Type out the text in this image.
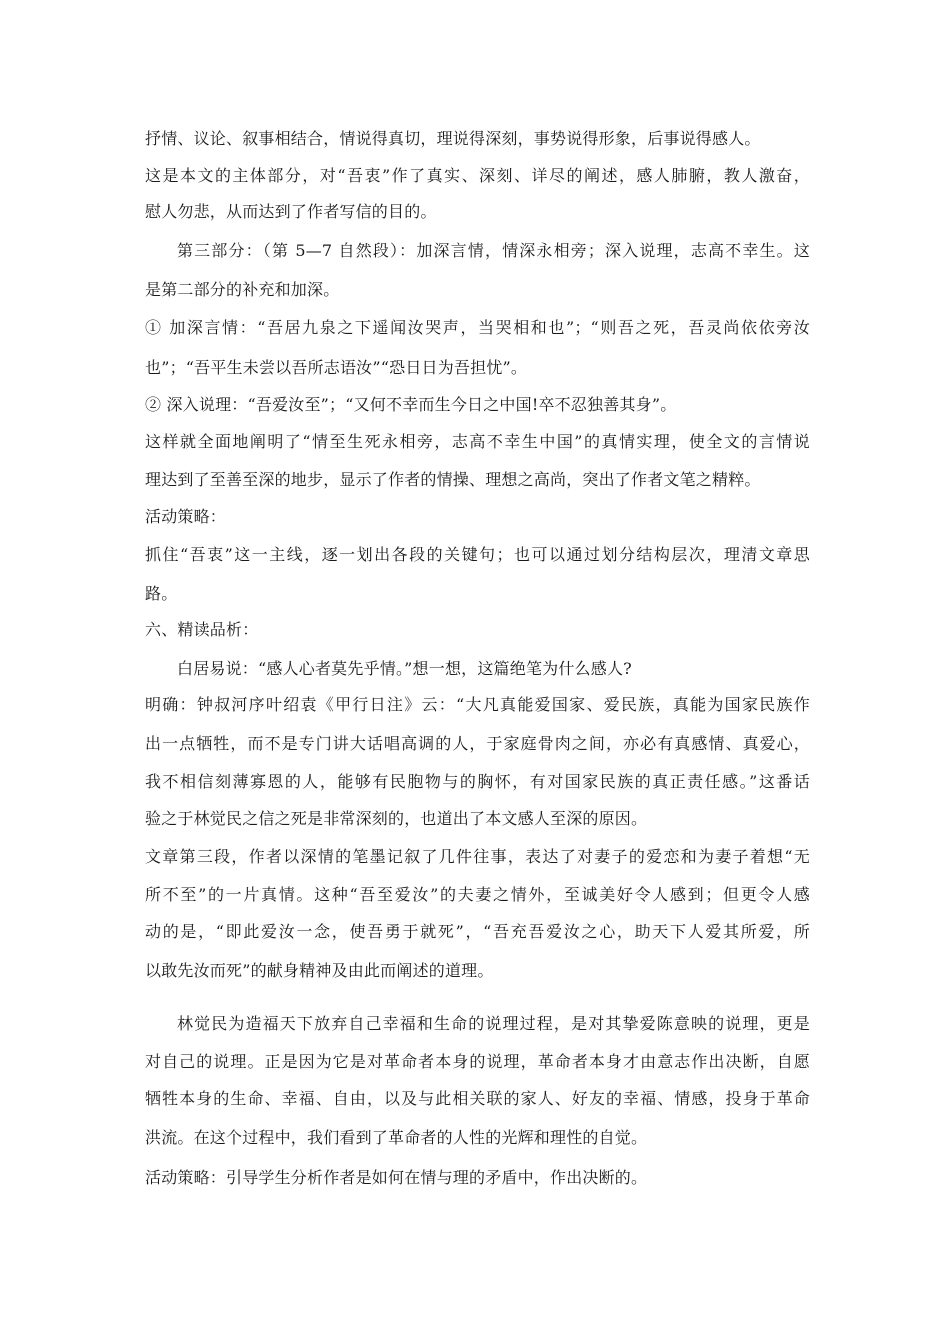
抒情、议论、叙事相结合，情说得真切，理说得深刻，事势说得形象，后事说得感人。
这是本文的主体部分，对“吾衷”作了真实、深刻、详尽的阐述，感人肺腑，教人激奋，
慰人勿悲，从而达到了作者写信的目的。
第三部分：（第 5—7 自然段）：加深言情，情深永相旁；深入说理，志高不幸生。这
是第二部分的补充和加深。
① 加深言情：“吾居九泉之下遥闻汝哭声，当哭相和也”；“则吾之死，吾灵尚依依旁汝
也”；“吾平生未尝以吾所志语汝”“恐日日为吾担忧”。
② 深入说理：“吾爱汝至”；“又何不幸而生今日之中国!卒不忍独善其身”。
这样就全面地阐明了“情至生死永相旁，志高不幸生中国”的真情实理，使全文的言情说
理达到了至善至深的地步，显示了作者的情操、理想之高尚，突出了作者文笔之精粹。
活动策略：
抓住“吾衷”这一主线，逐一划出各段的关键句；也可以通过划分结构层次，理清文章思
路。
六、精读品析：
白居易说：“感人心者莫先乎情。”想一想，这篇绝笔为什么感人?
明确：钟叔河序叶绍袁《甲行日注》云：“大凡真能爱国家、爱民族，真能为国家民族作
出一点牺牲，而不是专门讲大话唱高调的人，于家庭骨肉之间，亦必有真感情、真爱心，
我不相信刻薄寡恩的人，能够有民胞物与的胸怀，有对国家民族的真正责任感。”这番话
验之于林觉民之信之死是非常深刻的，也道出了本文感人至深的原因。
文章第三段，作者以深情的笔墨记叙了几件往事，表达了对妻子的爱恋和为妻子着想“无
所不至”的一片真情。这种“吾至爱汝”的夫妻之情外，至诚美好令人感到；但更令人感
动的是，“即此爱汝一念，使吾勇于就死”，“吾充吾爱汝之心，助天下人爱其所爱，所
以敢先汝而死”的献身精神及由此而阐述的道理。
林觉民为造福天下放弃自己幸福和生命的说理过程，是对其挚爱陈意映的说理，更是
对自己的说理。正是因为它是对革命者本身的说理，革命者本身才由意志作出决断，自愿
牺牲本身的生命、幸福、自由，以及与此相关联的家人、好友的幸福、情感，投身于革命
洪流。在这个过程中，我们看到了革命者的人性的光辉和理性的自觉。
活动策略：引导学生分析作者是如何在情与理的矛盾中，作出决断的。
